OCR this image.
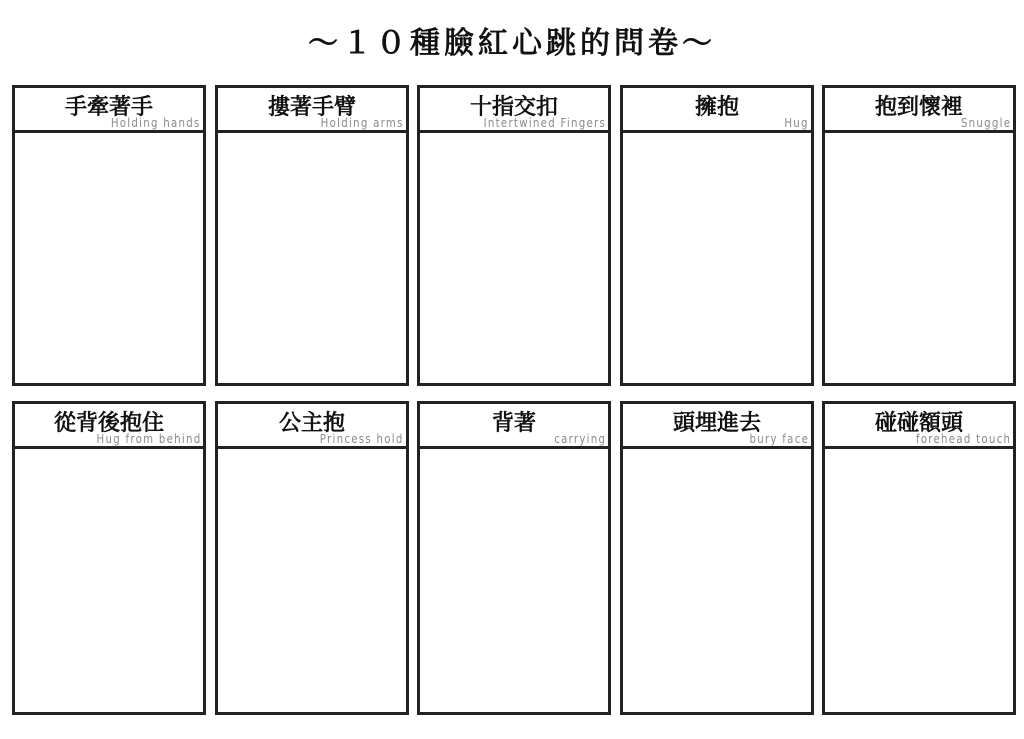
～１０種臉紅心跳的問卷～
手牽著手
Holding hands
摟著手臂
Holding arms
十指交扣
Intertwined Fingers
擁抱
Hug
抱到懷裡
Snuggle
從背後抱住
Hug from behind
公主抱
Princess hold
背著
carrying
頭埋進去
bury face
碰碰額頭
forehead touch
